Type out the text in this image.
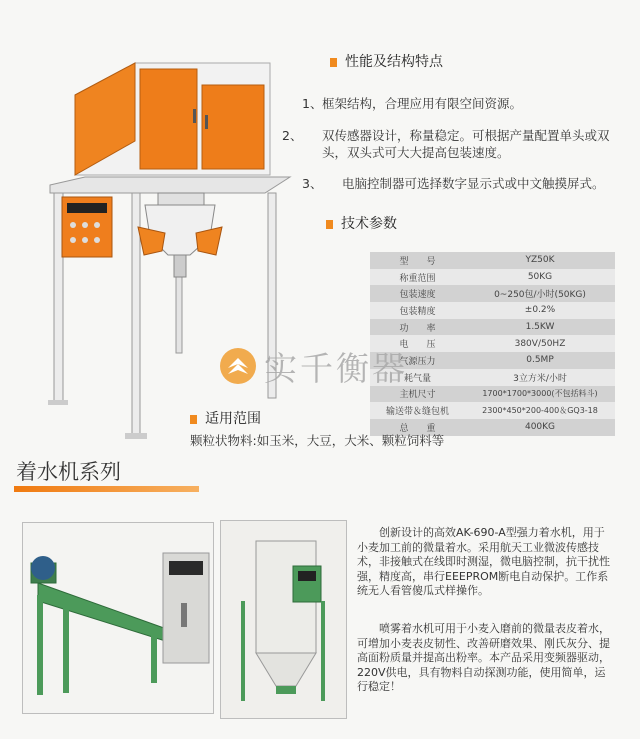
性能及结构特点
1、框架结构，合理应用有限空间资源。
2、 双传感器设计，称量稳定。可根据产量配置单头或双头，双头式可大大提高包装速度。
3、 电脑控制器可选择数字显示式或中文触摸屏式。
技术参数
型　　号	YZ50K
称重范围	50KG
包装速度	0~250包/小时(50KG)
包装精度	±0.2%
功　　率	1.5KW
电　　压	380V/50HZ
气源压力	0.5MP
耗气量	3立方米/小时
主机尺寸	1700*1700*3000(不包括料斗)
输送带＆缝包机	2300*450*200-400＆GQ3-18
总　　重	400KG
实千衡器
适用范围
颗粒状物料:如玉米，大豆，大米、颗粒饲料等
着水机系列
创新设计的高效AK-690-A型强力着水机，用于小麦加工前的微量着水。采用航天工业微波传感技术，非接触式在线即时测湿，微电脑控制，抗干扰性强，精度高，串行EEEPROM断电自动保护。工作系统无人看管傻瓜式样操作。
喷雾着水机可用于小麦入磨前的微量表皮着水，可增加小麦表皮韧性、改善研磨效果、刚氏灰分、提高面粉质量并提高出粉率。本产品采用变频器驱动，220V供电，具有物料自动探测功能，使用简单，运行稳定！
